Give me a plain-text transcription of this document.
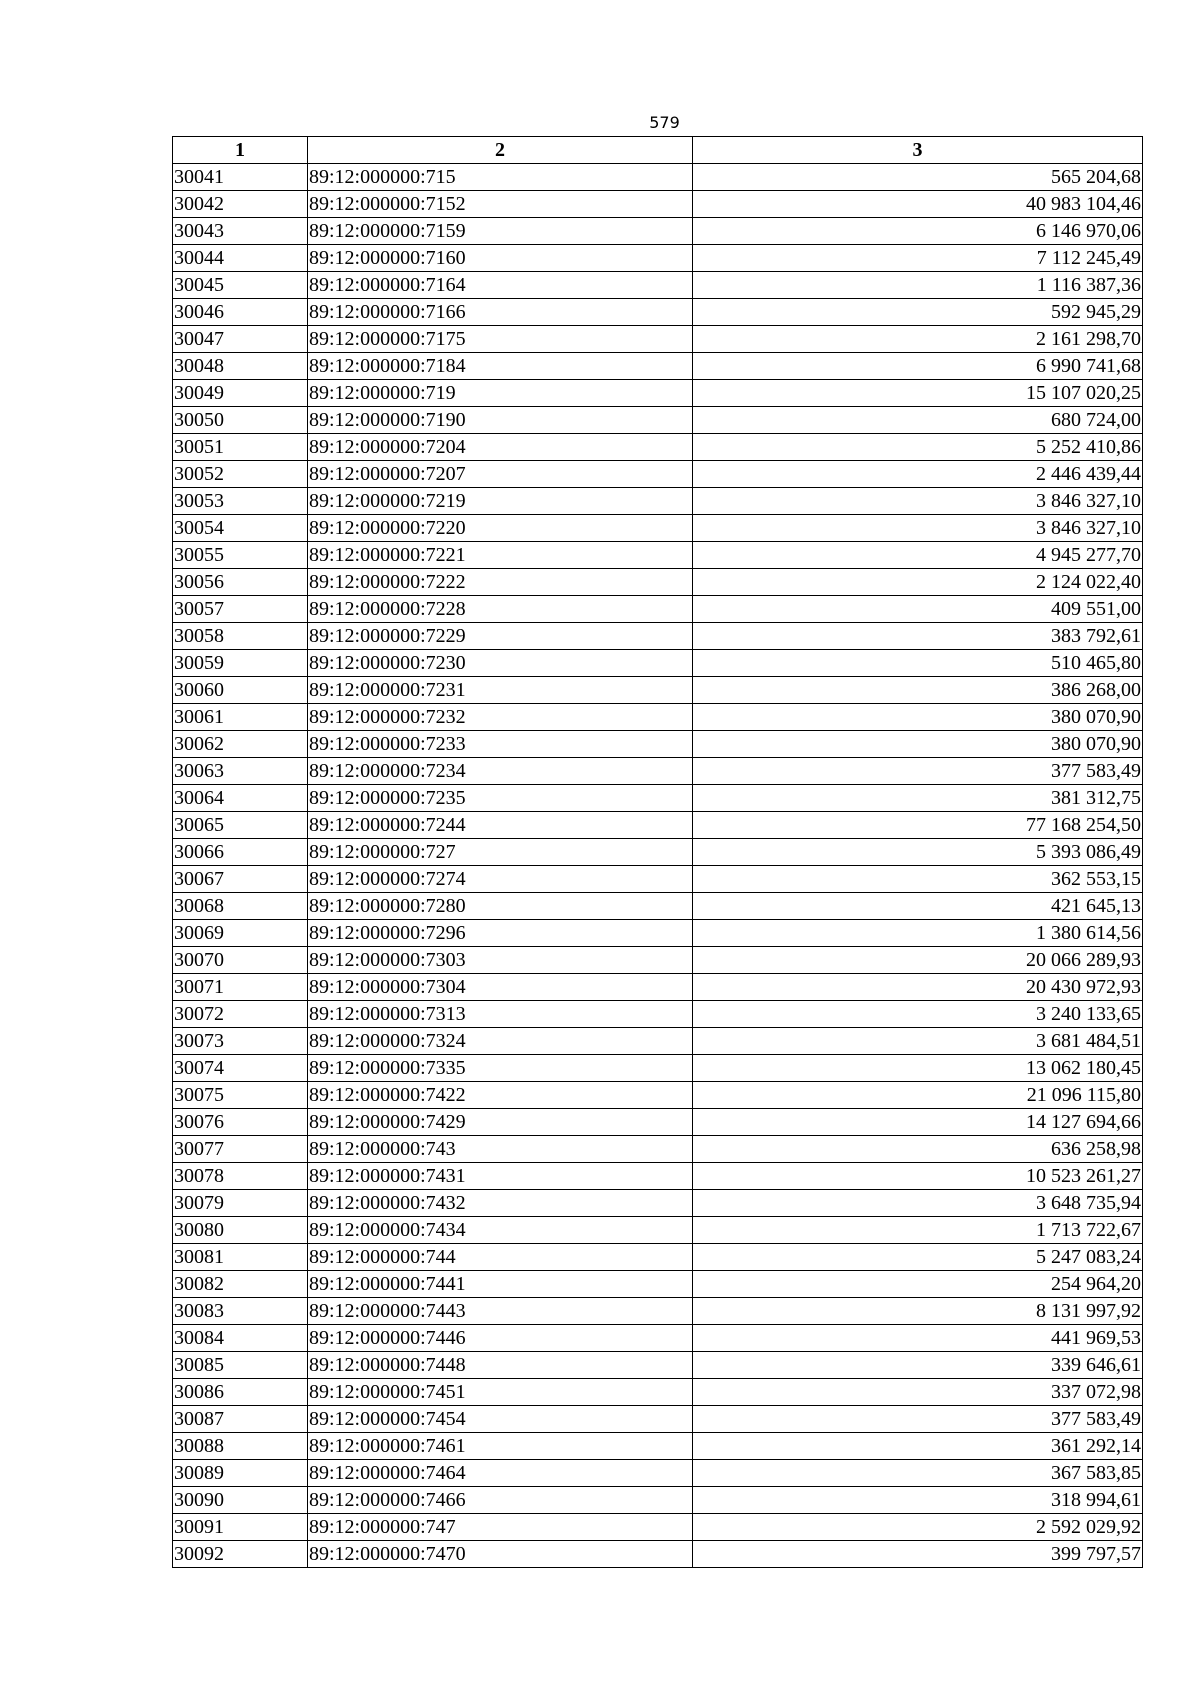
579
1	2	3
30041	89:12:000000:715	565 204,68
30042	89:12:000000:7152	40 983 104,46
30043	89:12:000000:7159	6 146 970,06
30044	89:12:000000:7160	7 112 245,49
30045	89:12:000000:7164	1 116 387,36
30046	89:12:000000:7166	592 945,29
30047	89:12:000000:7175	2 161 298,70
30048	89:12:000000:7184	6 990 741,68
30049	89:12:000000:719	15 107 020,25
30050	89:12:000000:7190	680 724,00
30051	89:12:000000:7204	5 252 410,86
30052	89:12:000000:7207	2 446 439,44
30053	89:12:000000:7219	3 846 327,10
30054	89:12:000000:7220	3 846 327,10
30055	89:12:000000:7221	4 945 277,70
30056	89:12:000000:7222	2 124 022,40
30057	89:12:000000:7228	409 551,00
30058	89:12:000000:7229	383 792,61
30059	89:12:000000:7230	510 465,80
30060	89:12:000000:7231	386 268,00
30061	89:12:000000:7232	380 070,90
30062	89:12:000000:7233	380 070,90
30063	89:12:000000:7234	377 583,49
30064	89:12:000000:7235	381 312,75
30065	89:12:000000:7244	77 168 254,50
30066	89:12:000000:727	5 393 086,49
30067	89:12:000000:7274	362 553,15
30068	89:12:000000:7280	421 645,13
30069	89:12:000000:7296	1 380 614,56
30070	89:12:000000:7303	20 066 289,93
30071	89:12:000000:7304	20 430 972,93
30072	89:12:000000:7313	3 240 133,65
30073	89:12:000000:7324	3 681 484,51
30074	89:12:000000:7335	13 062 180,45
30075	89:12:000000:7422	21 096 115,80
30076	89:12:000000:7429	14 127 694,66
30077	89:12:000000:743	636 258,98
30078	89:12:000000:7431	10 523 261,27
30079	89:12:000000:7432	3 648 735,94
30080	89:12:000000:7434	1 713 722,67
30081	89:12:000000:744	5 247 083,24
30082	89:12:000000:7441	254 964,20
30083	89:12:000000:7443	8 131 997,92
30084	89:12:000000:7446	441 969,53
30085	89:12:000000:7448	339 646,61
30086	89:12:000000:7451	337 072,98
30087	89:12:000000:7454	377 583,49
30088	89:12:000000:7461	361 292,14
30089	89:12:000000:7464	367 583,85
30090	89:12:000000:7466	318 994,61
30091	89:12:000000:747	2 592 029,92
30092	89:12:000000:7470	399 797,57
